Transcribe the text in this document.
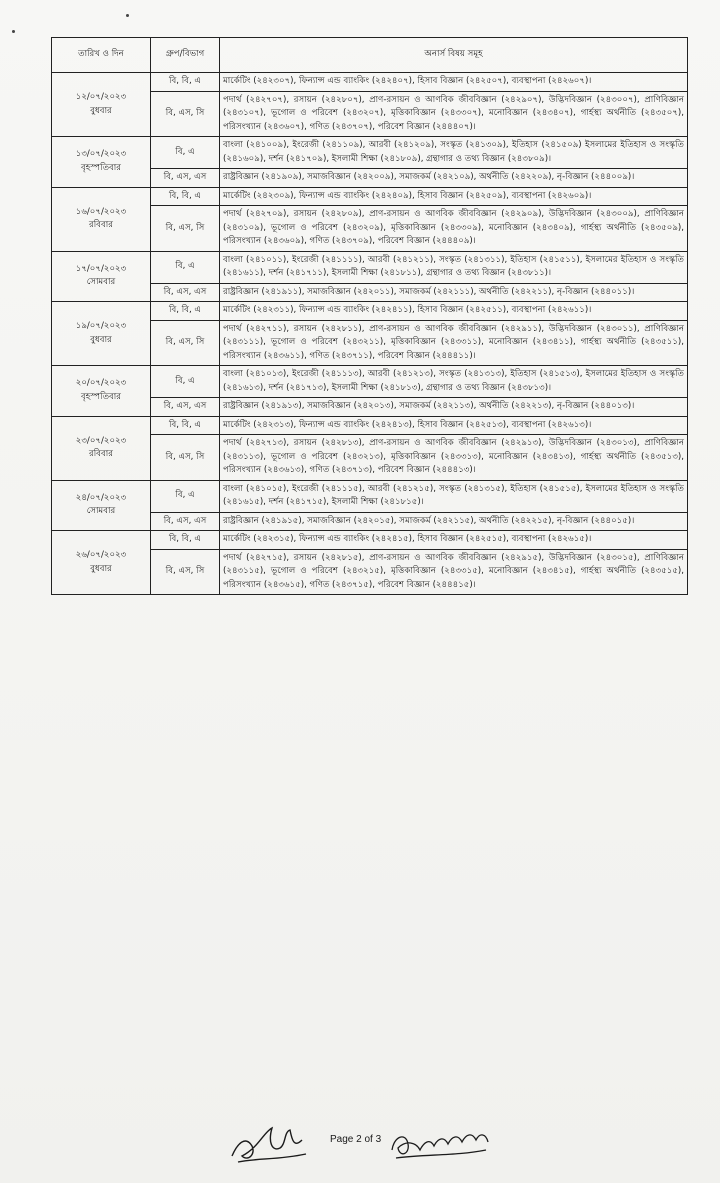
তারিখ ও দিন	গ্রুপ/বিভাগ	অনার্স বিষয় সমূহ

১২/০৭/২০২৩
বুধবার	বি, বি, এ	মার্কেটিং (২৪২৩০৭), ফিন্যান্স এন্ড ব্যাংকিং (২৪২৪০৭), হিসাব বিজ্ঞান (২৪২৫০৭), ব্যবস্থাপনা (২৪২৬০৭)।
	বি, এস, সি	পদার্থ (২৪২৭০৭), রসায়ন (২৪২৮০৭), প্রাণ-রসায়ন ও আণবিক জীববিজ্ঞান (২৪২৯০৭), উদ্ভিদবিজ্ঞান (২৪৩০০৭), প্রাণিবিজ্ঞান (২৪৩১০৭), ভূগোল ও পরিবেশ (২৪৩২০৭), মৃত্তিকাবিজ্ঞান (২৪৩৩০৭), মনোবিজ্ঞান (২৪৩৪০৭), গার্হস্থ্য অর্থনীতি (২৪৩৫০৭), পরিসংখ্যান (২৪৩৬০৭), গণিত (২৪৩৭০৭), পরিবেশ বিজ্ঞান (২৪৪৪০৭)।

১৩/০৭/২০২৩
বৃহস্পতিবার	বি, এ	বাংলা (২৪১০০৯), ইংরেজী (২৪১১০৯), আরবী (২৪১২০৯), সংস্কৃত (২৪১৩০৯), ইতিহাস (২৪১৫০৯) ইসলামের ইতিহাস ও সংস্কৃতি (২৪১৬০৯), দর্শন (২৪১৭০৯), ইসলামী শিক্ষা (২৪১৮০৯), গ্রন্থাগার ও তথ্য বিজ্ঞান (২৪৩৮০৯)।
	বি, এস, এস	রাষ্ট্রবিজ্ঞান (২৪১৯০৯), সমাজবিজ্ঞান (২৪২০০৯), সমাজকর্ম (২৪২১০৯), অর্থনীতি (২৪২২০৯), নৃ-বিজ্ঞান (২৪৪০০৯)।

১৬/০৭/২০২৩
রবিবার	বি, বি, এ	মার্কেটিং (২৪২৩০৯), ফিন্যান্স এন্ড ব্যাংকিং (২৪২৪০৯), হিসাব বিজ্ঞান (২৪২৫০৯), ব্যবস্থাপনা (২৪২৬০৯)।
	বি, এস, সি	পদার্থ (২৪২৭০৯), রসায়ন (২৪২৮০৯), প্রাণ-রসায়ন ও আণবিক জীববিজ্ঞান (২৪২৯০৯), উদ্ভিদবিজ্ঞান (২৪৩০০৯), প্রাণিবিজ্ঞান (২৪৩১০৯), ভূগোল ও পরিবেশ (২৪৩২০৯), মৃত্তিকাবিজ্ঞান (২৪৩৩০৯), মনোবিজ্ঞান (২৪৩৪০৯), গার্হস্থ্য অর্থনীতি (২৪৩৫০৯), পরিসংখ্যান (২৪৩৬০৯), গণিত (২৪৩৭০৯), পরিবেশ বিজ্ঞান (২৪৪৪০৯)।

১৭/০৭/২০২৩
সোমবার	বি, এ	বাংলা (২৪১০১১), ইংরেজী (২৪১১১১), আরবী (২৪১২১১), সংস্কৃত (২৪১৩১১), ইতিহাস (২৪১৫১১), ইসলামের ইতিহাস ও সংস্কৃতি (২৪১৬১১), দর্শন (২৪১৭১১), ইসলামী শিক্ষা (২৪১৮১১), গ্রন্থাগার ও তথ্য বিজ্ঞান (২৪৩৮১১)।
	বি, এস, এস	রাষ্ট্রবিজ্ঞান (২৪১৯১১), সমাজবিজ্ঞান (২৪২০১১), সমাজকর্ম (২৪২১১১), অর্থনীতি (২৪২২১১), নৃ-বিজ্ঞান (২৪৪০১১)।

১৯/০৭/২০২৩
বুধবার	বি, বি, এ	মার্কেটিং (২৪২৩১১), ফিন্যান্স এন্ড ব্যাংকিং (২৪২৪১১), হিসাব বিজ্ঞান (২৪২৫১১), ব্যবস্থাপনা (২৪২৬১১)।
	বি, এস, সি	পদার্থ (২৪২৭১১), রসায়ন (২৪২৮১১), প্রাণ-রসায়ন ও আণবিক জীববিজ্ঞান (২৪২৯১১), উদ্ভিদবিজ্ঞান (২৪৩০১১), প্রাণিবিজ্ঞান (২৪৩১১১), ভূগোল ও পরিবেশ (২৪৩২১১), মৃত্তিকাবিজ্ঞান (২৪৩৩১১), মনোবিজ্ঞান (২৪৩৪১১), গার্হস্থ্য অর্থনীতি (২৪৩৫১১), পরিসংখ্যান (২৪৩৬১১), গণিত (২৪৩৭১১), পরিবেশ বিজ্ঞান (২৪৪৪১১)।

২০/০৭/২০২৩
বৃহস্পতিবার	বি, এ	বাংলা (২৪১০১৩), ইংরেজী (২৪১১১৩), আরবী (২৪১২১৩), সংস্কৃত (২৪১৩১৩), ইতিহাস (২৪১৫১৩), ইসলামের ইতিহাস ও সংস্কৃতি (২৪১৬১৩), দর্শন (২৪১৭১৩), ইসলামী শিক্ষা (২৪১৮১৩), গ্রন্থাগার ও তথ্য বিজ্ঞান (২৪৩৮১৩)।
	বি, এস, এস	রাষ্ট্রবিজ্ঞান (২৪১৯১৩), সমাজবিজ্ঞান (২৪২০১৩), সমাজকর্ম (২৪২১১৩), অর্থনীতি (২৪২২১৩), নৃ-বিজ্ঞান (২৪৪০১৩)।

২৩/০৭/২০২৩
রবিবার	বি, বি, এ	মার্কেটিং (২৪২৩১৩), ফিন্যান্স এন্ড ব্যাংকিং (২৪২৪১৩), হিসাব বিজ্ঞান (২৪২৫১৩), ব্যবস্থাপনা (২৪২৬১৩)।
	বি, এস, সি	পদার্থ (২৪২৭১৩), রসায়ন (২৪২৮১৩), প্রাণ-রসায়ন ও আণবিক জীববিজ্ঞান (২৪২৯১৩), উদ্ভিদবিজ্ঞান (২৪৩০১৩), প্রাণিবিজ্ঞান (২৪৩১১৩), ভূগোল ও পরিবেশ (২৪৩২১৩), মৃত্তিকাবিজ্ঞান (২৪৩৩১৩), মনোবিজ্ঞান (২৪৩৪১৩), গার্হস্থ্য অর্থনীতি (২৪৩৫১৩), পরিসংখ্যান (২৪৩৬১৩), গণিত (২৪৩৭১৩), পরিবেশ বিজ্ঞান (২৪৪৪১৩)।

২৪/০৭/২০২৩
সোমবার	বি, এ	বাংলা (২৪১০১৫), ইংরেজী (২৪১১১৫), আরবী (২৪১২১৫), সংস্কৃত (২৪১৩১৫), ইতিহাস (২৪১৫১৫), ইসলামের ইতিহাস ও সংস্কৃতি (২৪১৬১৫), দর্শন (২৪১৭১৫), ইসলামী শিক্ষা (২৪১৮১৫)।
	বি, এস, এস	রাষ্ট্রবিজ্ঞান (২৪১৯১৫), সমাজবিজ্ঞান (২৪২০১৫), সমাজকর্ম (২৪২১১৫), অর্থনীতি (২৪২২১৫), নৃ-বিজ্ঞান (২৪৪০১৫)।

২৬/০৭/২০২৩
বুধবার	বি, বি, এ	মার্কেটিং (২৪২৩১৫), ফিন্যান্স এন্ড ব্যাংকিং (২৪২৪১৫), হিসাব বিজ্ঞান (২৪২৫১৫), ব্যবস্থাপনা (২৪২৬১৫)।
	বি, এস, সি	পদার্থ (২৪২৭১৫), রসায়ন (২৪২৮১৫), প্রাণ-রসায়ন ও আণবিক জীববিজ্ঞান (২৪২৯১৫), উদ্ভিদবিজ্ঞান (২৪৩০১৫), প্রাণিবিজ্ঞান (২৪৩১১৫), ভূগোল ও পরিবেশ (২৪৩২১৫), মৃত্তিকাবিজ্ঞান (২৪৩৩১৫), মনোবিজ্ঞান (২৪৩৪১৫), গার্হস্থ্য অর্থনীতি (২৪৩৫১৫), পরিসংখ্যান (২৪৩৬১৫), গণিত (২৪৩৭১৫), পরিবেশ বিজ্ঞান (২৪৪৪১৫)।
Page 2 of 3
